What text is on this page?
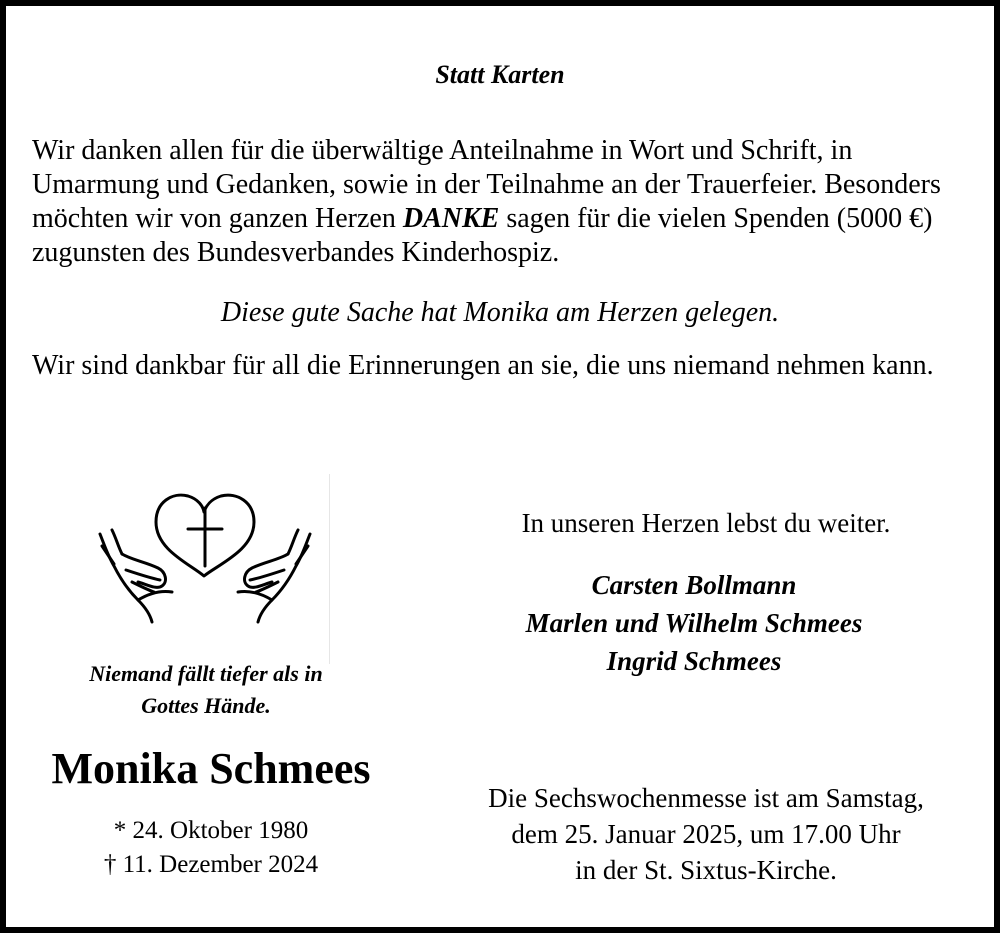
Statt Karten

Wir danken allen für die überwältige Anteilnahme in Wort und Schrift, in Umarmung und Gedanken, sowie in der Teilnahme an der Trauerfeier. Besonders möchten wir von ganzen Herzen DANKE sagen für die vielen Spenden (5000 €) zugunsten des Bundesverbandes Kinderhospiz.

Diese gute Sache hat Monika am Herzen gelegen.

Wir sind dankbar für all die Erinnerungen an sie, die uns niemand nehmen kann.

Niemand fällt tiefer als in
Gottes Hände.
Monika Schmees
* 24. Oktober 1980
† 11. Dezember 2024
In unseren Herzen lebst du weiter.
Carsten Bollmann
Marlen und Wilhelm Schmees
Ingrid Schmees
Die Sechswochenmesse ist am Samstag,
dem 25. Januar 2025, um 17.00 Uhr
in der St. Sixtus-Kirche.
